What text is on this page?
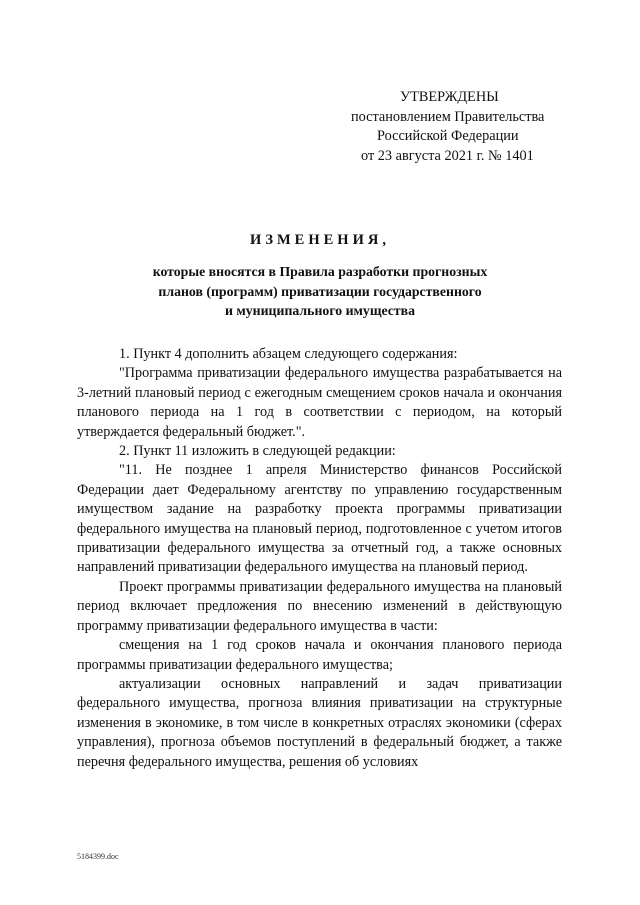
УТВЕРЖДЕНЫ
постановлением Правительства
Российской Федерации
от 23 августа 2021 г. № 1401
ИЗМЕНЕНИЯ,
которые вносятся в Правила разработки прогнозных
планов (программ) приватизации государственного
и муниципального имущества

1. Пункт 4 дополнить абзацем следующего содержания:

"Программа приватизации федерального имущества разрабатывается на 3-летний плановый период с ежегодным смещением сроков начала и окончания планового периода на 1 год в соответствии с периодом, на который утверждается федеральный бюджет.".

2. Пункт 11 изложить в следующей редакции:

"11. Не позднее 1 апреля Министерство финансов Российской Федерации дает Федеральному агентству по управлению государственным имуществом задание на разработку проекта программы приватизации федерального имущества на плановый период, подготовленное с учетом итогов приватизации федерального имущества за отчетный год, а также основных направлений приватизации федерального имущества на плановый период.

Проект программы приватизации федерального имущества на плановый период включает предложения по внесению изменений в действующую программу приватизации федерального имущества в части:

смещения на 1 год сроков начала и окончания планового периода программы приватизации федерального имущества;

актуализации основных направлений и задач приватизации федерального имущества, прогноза влияния приватизации на структурные изменения в экономике, в том числе в конкретных отраслях экономики (сферах управления), прогноза объемов поступлений в федеральный бюджет, а также перечня федерального имущества, решения об условиях

5184399.doc
